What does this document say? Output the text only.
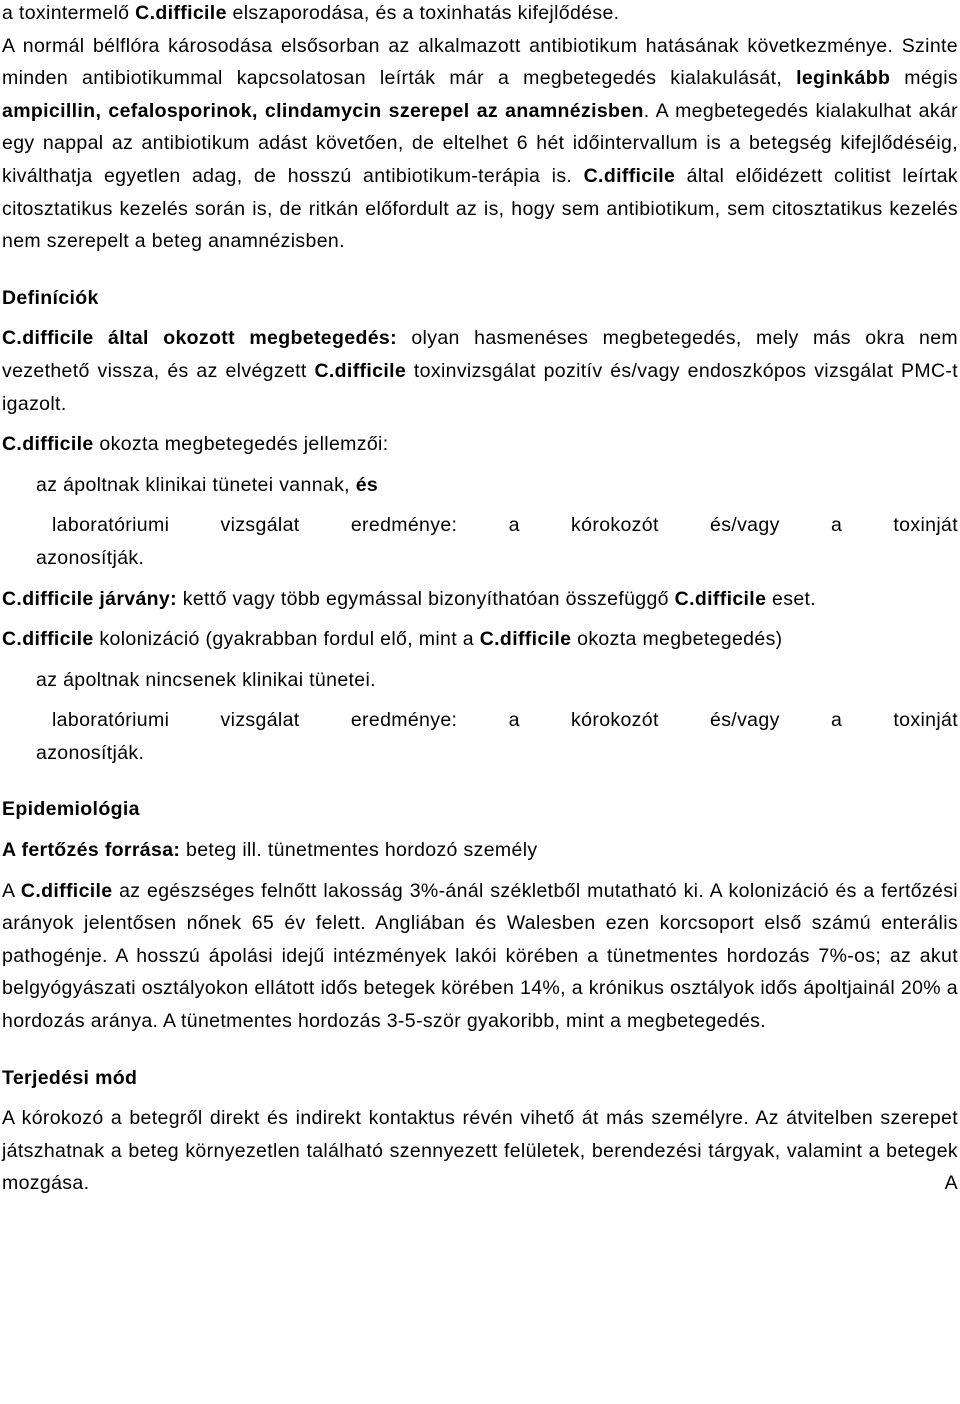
a toxintermelő C.difficile elszaporodása, és a toxinhatás kifejlődése.

A normál bélflóra károsodása elsősorban az alkalmazott antibiotikum hatásának következménye. Szinte minden antibiotikummal kapcsolatosan leírták már a megbetegedés kialakulását, leginkább mégis ampicillin, cefalosporinok, clindamycin szerepel az anamnézisben. A megbetegedés kialakulhat akár egy nappal az antibiotikum adást követően, de eltelhet 6 hét időintervallum is a betegség kifejlődéséig, kiválthatja egyetlen adag, de hosszú antibiotikum-terápia is. C.difficile által előidézett colitist leírtak citosztatikus kezelés során is, de ritkán előfordult az is, hogy sem antibiotikum, sem citosztatikus kezelés nem szerepelt a beteg anamnézisben.

Definíciók

C.difficile által okozott megbetegedés: olyan hasmenéses megbetegedés, mely más okra nem vezethető vissza, és az elvégzett C.difficile toxinvizsgálat pozitív és/vagy endoszkópos vizsgálat PMC-t igazolt.

C.difficile okozta megbetegedés jellemzői:

az ápoltnak klinikai tünetei vannak, és

laboratóriumi vizsgálat eredménye: a kórokozót és/vagy a toxinját

azonosítják.

C.difficile járvány: kettő vagy több egymással bizonyíthatóan összefüggő C.difficile eset.

C.difficile kolonizáció (gyakrabban fordul elő, mint a C.difficile okozta megbetegedés)

az ápoltnak nincsenek klinikai tünetei.

laboratóriumi vizsgálat eredménye: a kórokozót és/vagy a toxinját

azonosítják.

Epidemiológia

A fertőzés forrása: beteg ill. tünetmentes hordozó személy

A C.difficile az egészséges felnőtt lakosság 3%-ánál székletből mutatható ki. A kolonizáció és a fertőzési arányok jelentősen nőnek 65 év felett. Angliában és Walesben ezen korcsoport első számú enterális pathogénje. A hosszú ápolási idejű intézmények lakói körében a tünetmentes hordozás 7%-os; az akut belgyógyászati osztályokon ellátott idős betegek körében 14%, a krónikus osztályok idős ápoltjainál 20% a hordozás aránya. A tünetmentes hordozás 3-5-ször gyakoribb, mint a megbetegedés.

Terjedési mód

A kórokozó a betegről direkt és indirekt kontaktus révén vihető át más személyre. Az átvitelben szerepet játszhatnak a beteg környezetlen található szennyezett felületek, berendezési tárgyak, valamint a betegek mozgása. A
